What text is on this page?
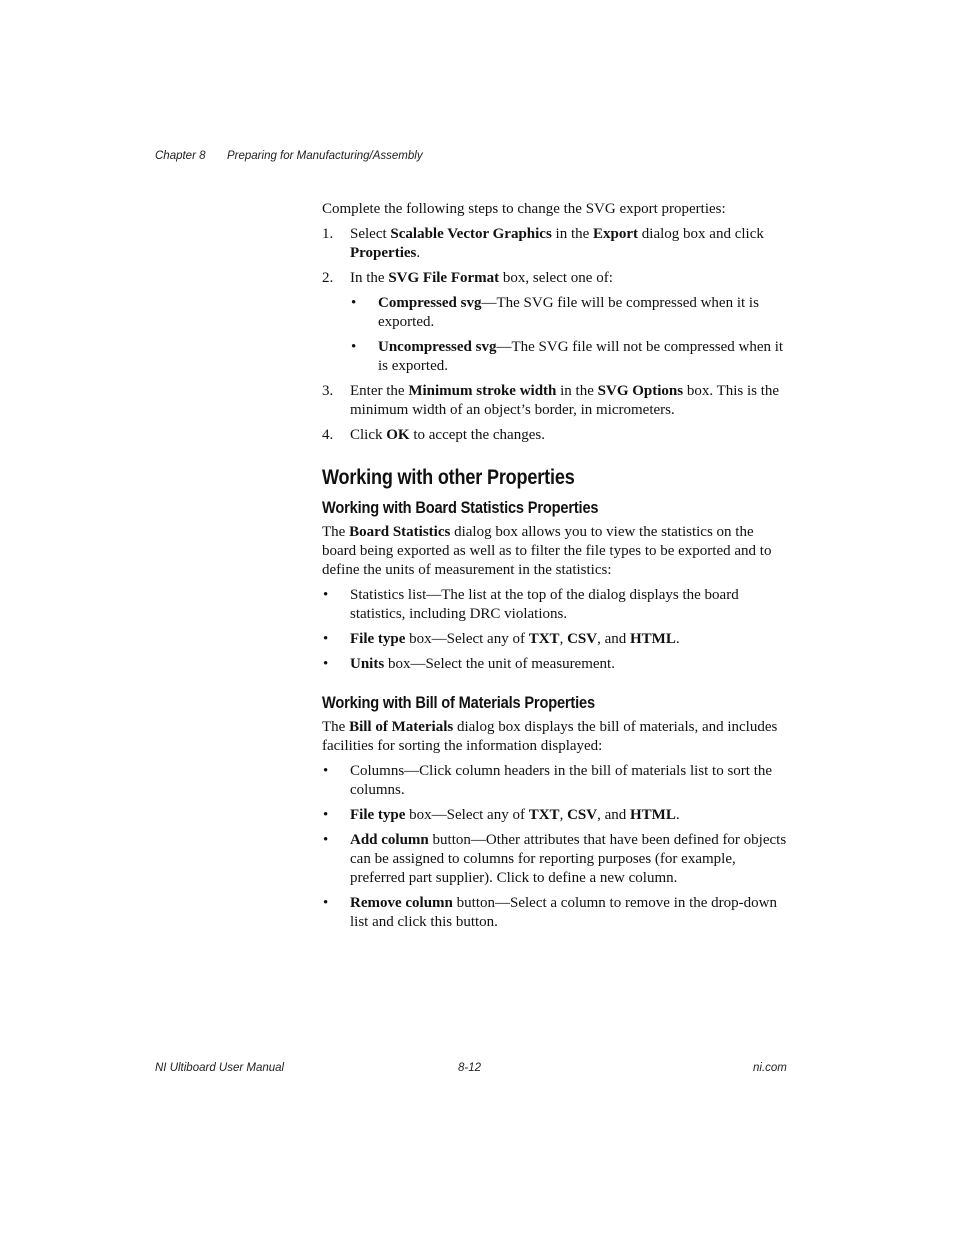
Chapter 8 Preparing for Manufacturing/Assembly

Complete the following steps to change the SVG export properties:

1. Select Scalable Vector Graphics in the Export dialog box and click Properties.
2. In the SVG File Format box, select one of:
• Compressed svg—The SVG file will be compressed when it is exported.
• Uncompressed svg—The SVG file will not be compressed when it is exported.
3. Enter the Minimum stroke width in the SVG Options box. This is the minimum width of an object’s border, in micrometers.
4. Click OK to accept the changes.
Working with other Properties
Working with Board Statistics Properties

The Board Statistics dialog box allows you to view the statistics on the board being exported as well as to filter the file types to be exported and to define the units of measurement in the statistics:

• Statistics list—The list at the top of the dialog displays the board statistics, including DRC violations.
• File type box—Select any of TXT, CSV, and HTML.
• Units box—Select the unit of measurement.
Working with Bill of Materials Properties

The Bill of Materials dialog box displays the bill of materials, and includes facilities for sorting the information displayed:

• Columns—Click column headers in the bill of materials list to sort the columns.
• File type box—Select any of TXT, CSV, and HTML.
• Add column button—Other attributes that have been defined for objects can be assigned to columns for reporting purposes (for example, preferred part supplier). Click to define a new column.
• Remove column button—Select a column to remove in the drop-down list and click this button.
NI Ultiboard User Manual	8-12	ni.com
